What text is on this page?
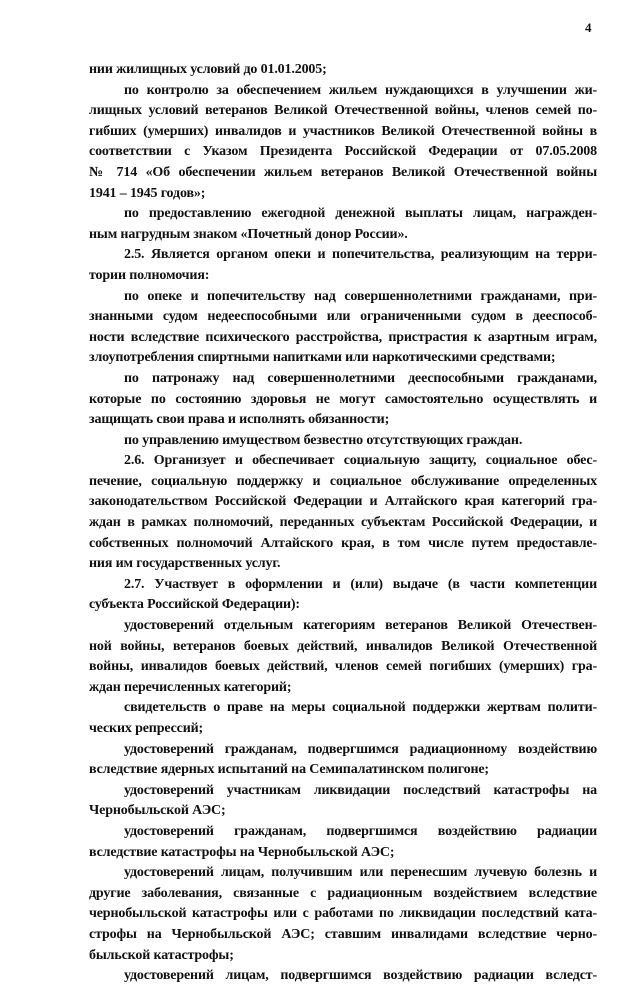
4
нии жилищных условий до 01.01.2005;
по контролю за обеспечением жильем нуждающихся в улучшении жи-
лищных условий ветеранов Великой Отечественной войны, членов семей по-
гибших (умерших) инвалидов и участников Великой Отечественной войны в
соответствии с Указом Президента Российской Федерации от 07.05.2008
№ 714 «Об обеспечении жильем ветеранов Великой Отечественной войны
1941 – 1945 годов»;
по предоставлению ежегодной денежной выплаты лицам, награжден-
ным нагрудным знаком «Почетный донор России».
2.5. Является органом опеки и попечительства, реализующим на терри-
тории полномочия:
по опеке и попечительству над совершеннолетними гражданами, при-
знанными судом недееспособными или ограниченными судом в дееспособ-
ности вследствие психического расстройства, пристрастия к азартным играм,
злоупотребления спиртными напитками или наркотическими средствами;
по патронажу над совершеннолетними дееспособными гражданами,
которые по состоянию здоровья не могут самостоятельно осуществлять и
защищать свои права и исполнять обязанности;
по управлению имуществом безвестно отсутствующих граждан.
2.6. Организует и обеспечивает социальную защиту, социальное обес-
печение, социальную поддержку и социальное обслуживание определенных
законодательством Российской Федерации и Алтайского края категорий гра-
ждан в рамках полномочий, переданных субъектам Российской Федерации, и
собственных полномочий Алтайского края, в том числе путем предоставле-
ния им государственных услуг.
2.7. Участвует в оформлении и (или) выдаче (в части компетенции
субъекта Российской Федерации):
удостоверений отдельным категориям ветеранов Великой Отечествен-
ной войны, ветеранов боевых действий, инвалидов Великой Отечественной
войны, инвалидов боевых действий, членов семей погибших (умерших) гра-
ждан перечисленных категорий;
свидетельств о праве на меры социальной поддержки жертвам полити-
ческих репрессий;
удостоверений гражданам, подвергшимся радиационному воздействию
вследствие ядерных испытаний на Семипалатинском полигоне;
удостоверений участникам ликвидации последствий катастрофы на
Чернобыльской АЭС;
удостоверений гражданам, подвергшимся воздействию радиации
вследствие катастрофы на Чернобыльской АЭС;
удостоверений лицам, получившим или перенесшим лучевую болезнь и
другие заболевания, связанные с радиационным воздействием вследствие
чернобыльской катастрофы или с работами по ликвидации последствий ката-
строфы на Чернобыльской АЭС; ставшим инвалидами вследствие черно-
быльской катастрофы;
удостоверений лицам, подвергшимся воздействию радиации вследст-
